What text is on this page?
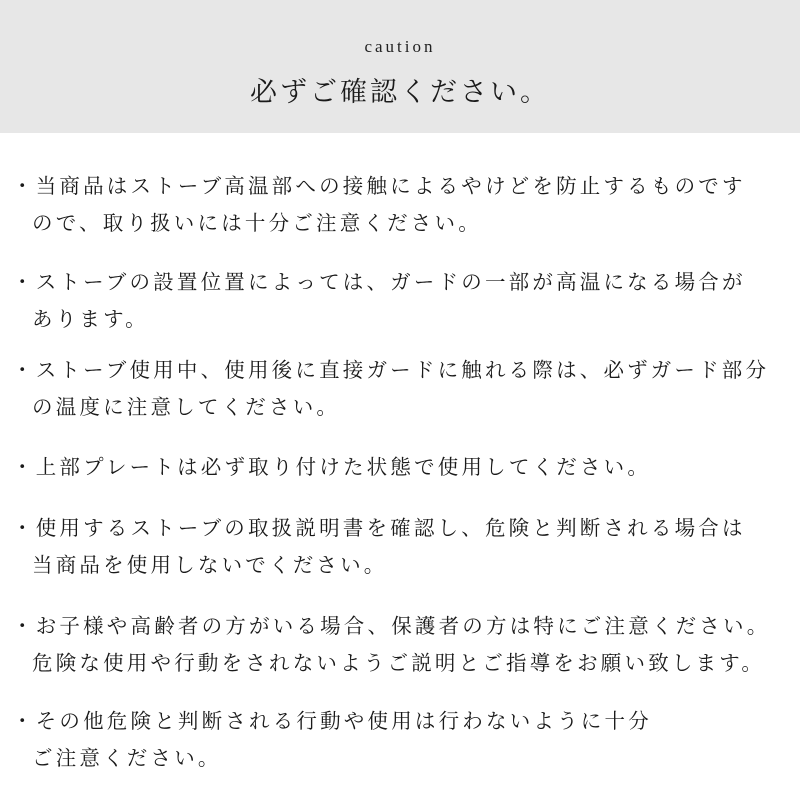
caution
必ずご確認ください。
・当商品はストーブ高温部への接触によるやけどを防止するものです
ので、取り扱いには十分ご注意ください。
・ストーブの設置位置によっては、ガードの一部が高温になる場合が
あります。
・ストーブ使用中、使用後に直接ガードに触れる際は、必ずガード部分
の温度に注意してください。
・上部プレートは必ず取り付けた状態で使用してください。
・使用するストーブの取扱説明書を確認し、危険と判断される場合は
当商品を使用しないでください。
・お子様や高齢者の方がいる場合、保護者の方は特にご注意ください。
危険な使用や行動をされないようご説明とご指導をお願い致します。
・その他危険と判断される行動や使用は行わないように十分
ご注意ください。
